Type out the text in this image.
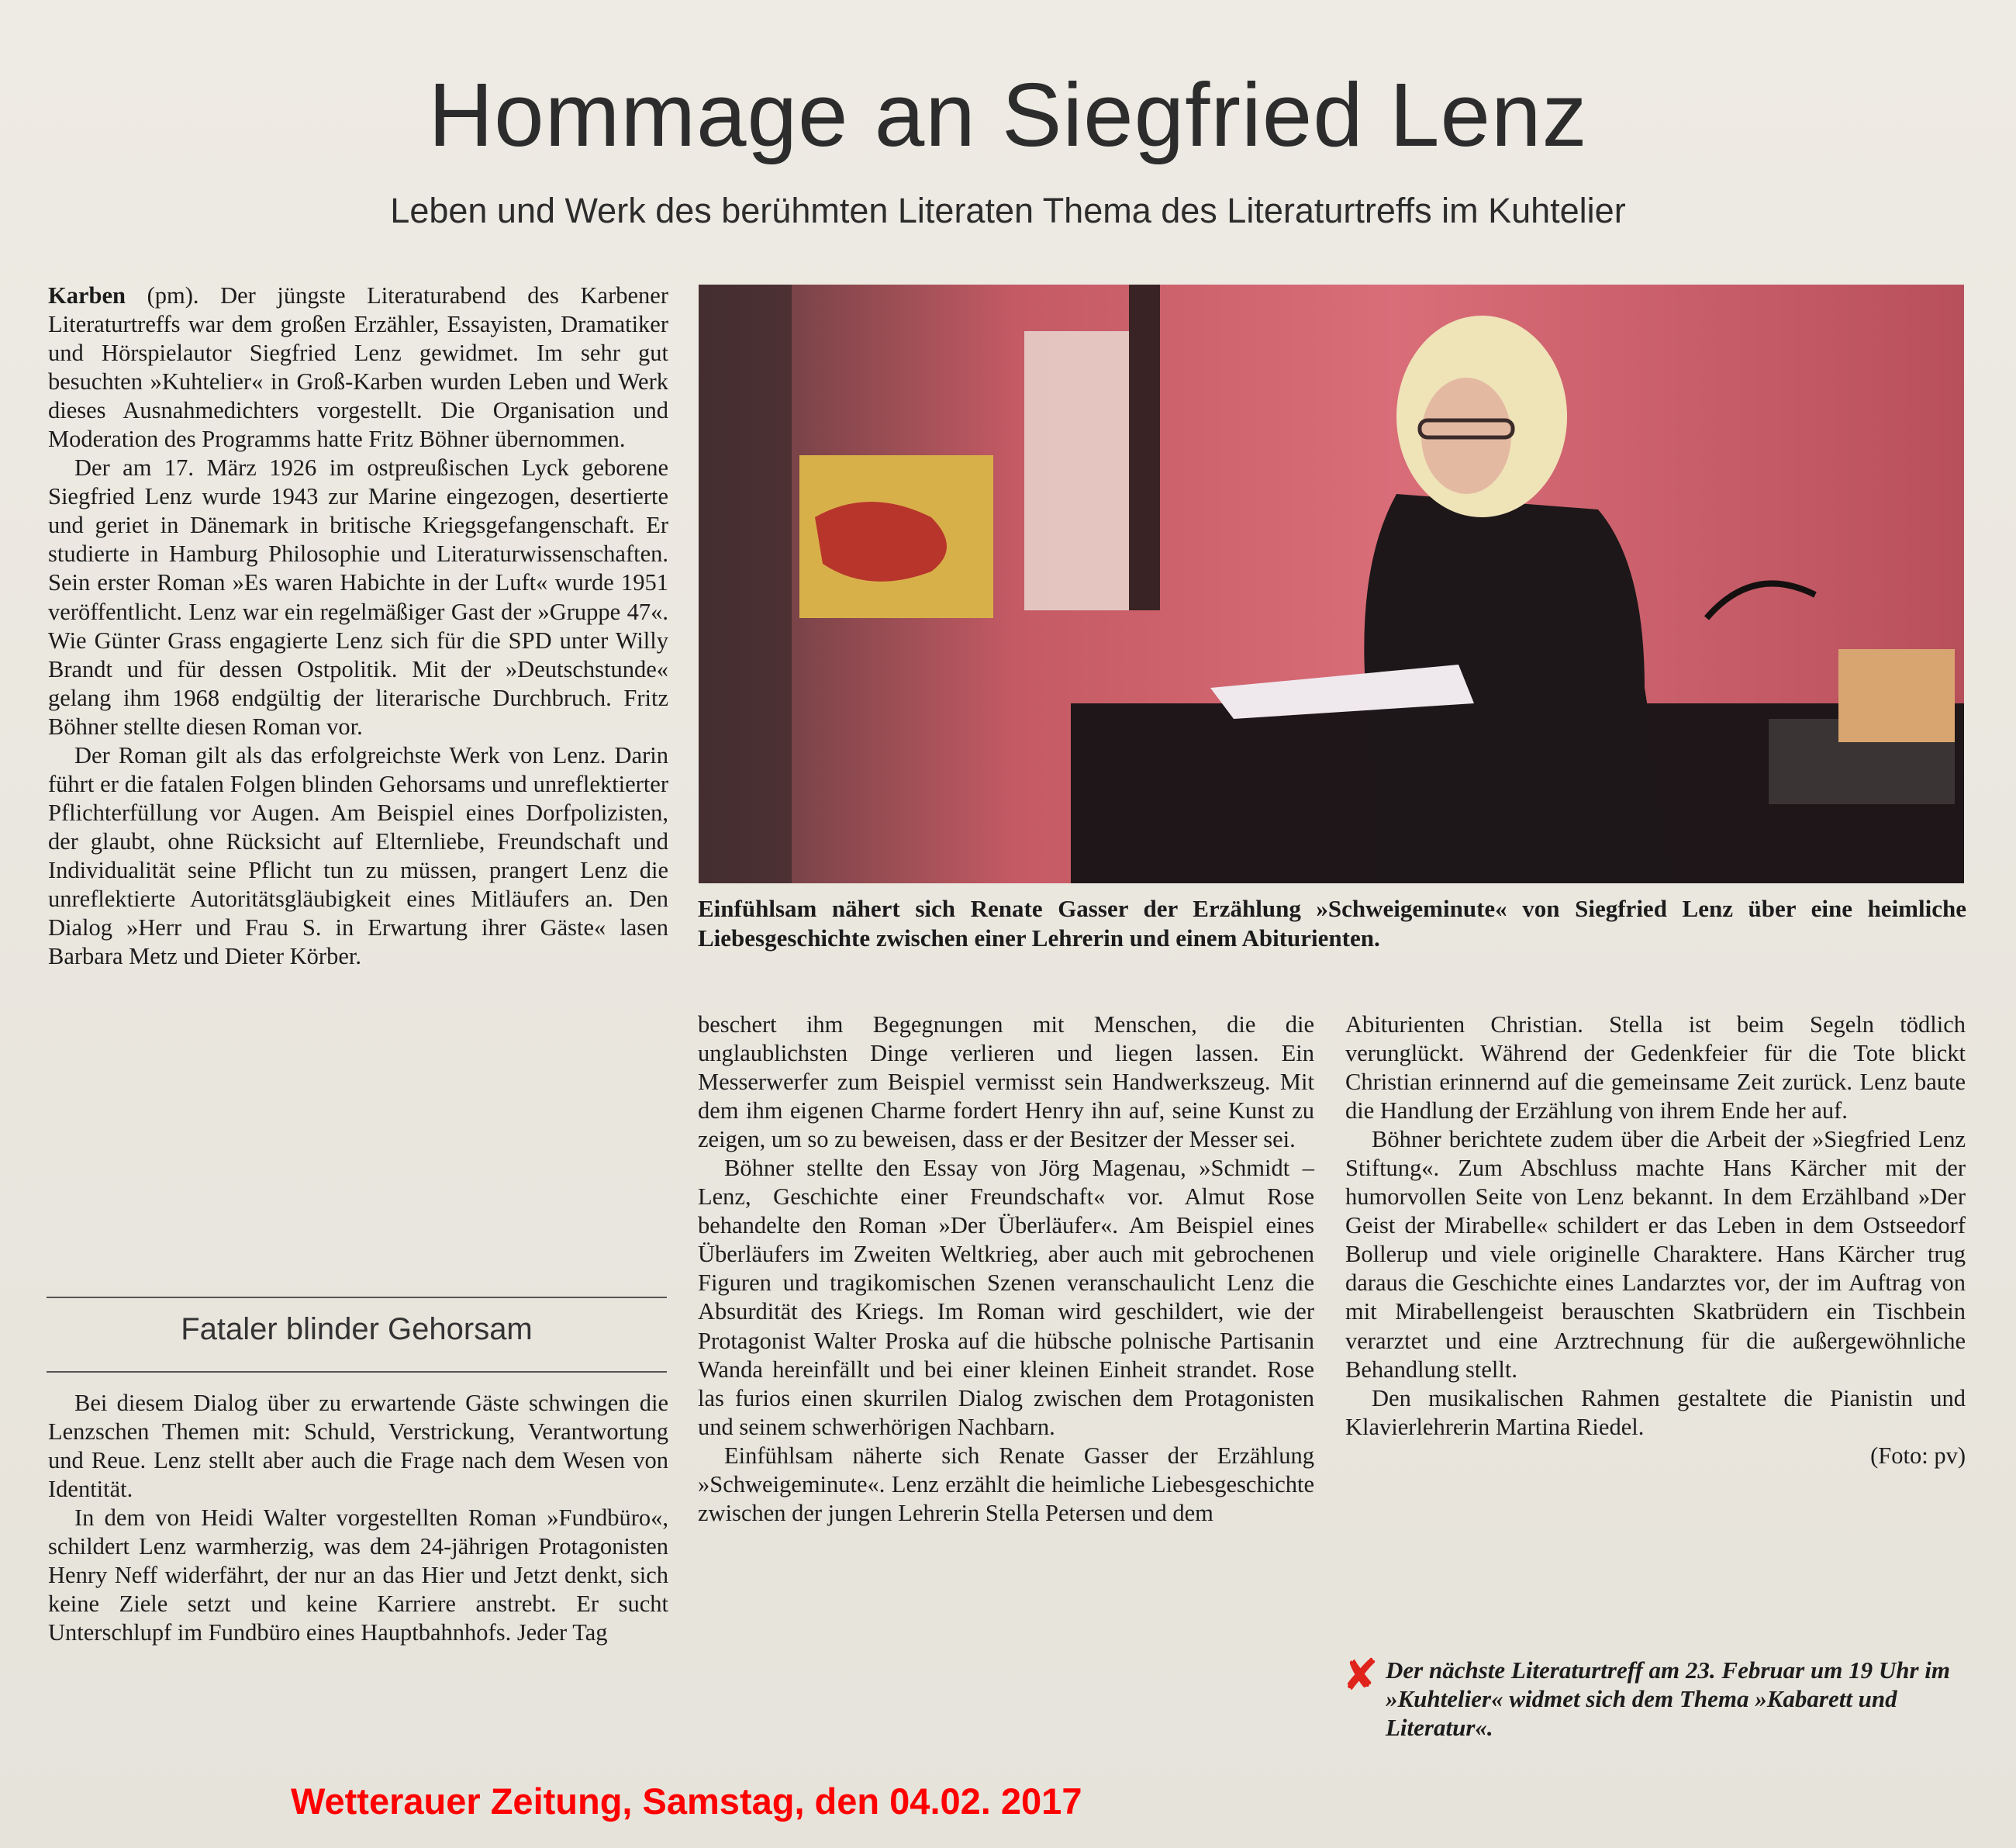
Hommage an Siegfried Lenz
Leben und Werk des berühmten Literaten Thema des Literaturtreffs im Kuhtelier

Karben (pm). Der jüngste Literaturabend des Karbener Literaturtreffs war dem großen Erzähler, Essayisten, Dramatiker und Hörspielautor Siegfried Lenz gewidmet. Im sehr gut besuchten »Kuhtelier« in Groß-Karben wurden Leben und Werk dieses Ausnahmedichters vorgestellt. Die Organisation und Moderation des Programms hatte Fritz Böhner übernommen.

Der am 17. März 1926 im ostpreußischen Lyck geborene Siegfried Lenz wurde 1943 zur Marine eingezogen, desertierte und geriet in Dänemark in britische Kriegsgefangenschaft. Er studierte in Hamburg Philosophie und Literaturwissenschaften. Sein erster Roman »Es waren Habichte in der Luft« wurde 1951 veröffentlicht. Lenz war ein regelmäßiger Gast der »Gruppe 47«. Wie Günter Grass engagierte Lenz sich für die SPD unter Willy Brandt und für dessen Ostpolitik. Mit der »Deutschstunde« gelang ihm 1968 endgültig der literarische Durchbruch. Fritz Böhner stellte diesen Roman vor.

Der Roman gilt als das erfolgreichste Werk von Lenz. Darin führt er die fatalen Folgen blinden Gehorsams und unreflektierter Pflichterfüllung vor Augen. Am Beispiel eines Dorfpolizisten, der glaubt, ohne Rücksicht auf Elternliebe, Freundschaft und Individualität seine Pflicht tun zu müssen, prangert Lenz die unreflektierte Autoritätsgläubigkeit eines Mitläufers an. Den Dialog »Herr und Frau S. in Erwartung ihrer Gäste« lasen Barbara Metz und Dieter Körber.

Fataler blinder Gehorsam

Bei diesem Dialog über zu erwartende Gäste schwingen die Lenzschen Themen mit: Schuld, Verstrickung, Verantwortung und Reue. Lenz stellt aber auch die Frage nach dem Wesen von Identität.

In dem von Heidi Walter vorgestellten Roman »Fundbüro«, schildert Lenz warmherzig, was dem 24-jährigen Protagonisten Henry Neff widerfährt, der nur an das Hier und Jetzt denkt, sich keine Ziele setzt und keine Karriere anstrebt. Er sucht Unterschlupf im Fundbüro eines Hauptbahnhofs. Jeder Tag

Einfühlsam nähert sich Renate Gasser der Erzählung »Schweigeminute« von Siegfried Lenz über eine heimliche Liebesgeschichte zwischen einer Lehrerin und einem Abiturienten.

beschert ihm Begegnungen mit Menschen, die die unglaublichsten Dinge verlieren und liegen lassen. Ein Messerwerfer zum Beispiel vermisst sein Handwerkszeug. Mit dem ihm eigenen Charme fordert Henry ihn auf, seine Kunst zu zeigen, um so zu beweisen, dass er der Besitzer der Messer sei.

Böhner stellte den Essay von Jörg Magenau, »Schmidt – Lenz, Geschichte einer Freundschaft« vor. Almut Rose behandelte den Roman »Der Überläufer«. Am Beispiel eines Überläufers im Zweiten Weltkrieg, aber auch mit gebrochenen Figuren und tragikomischen Szenen veranschaulicht Lenz die Absurdität des Kriegs. Im Roman wird geschildert, wie der Protagonist Walter Proska auf die hübsche polnische Partisanin Wanda hereinfällt und bei einer kleinen Einheit strandet. Rose las furios einen skurrilen Dialog zwischen dem Protagonisten und seinem schwerhörigen Nachbarn.

Einfühlsam näherte sich Renate Gasser der Erzählung »Schweigeminute«. Lenz erzählt die heimliche Liebesgeschichte zwischen der jungen Lehrerin Stella Petersen und dem

Abiturienten Christian. Stella ist beim Segeln tödlich verunglückt. Während der Gedenkfeier für die Tote blickt Christian erinnernd auf die gemeinsame Zeit zurück. Lenz baute die Handlung der Erzählung von ihrem Ende her auf.

Böhner berichtete zudem über die Arbeit der »Siegfried Lenz Stiftung«. Zum Abschluss machte Hans Kärcher mit der humorvollen Seite von Lenz bekannt. In dem Erzählband »Der Geist der Mirabelle« schildert er das Leben in dem Ostseedorf Bollerup und viele originelle Charaktere. Hans Kärcher trug daraus die Geschichte eines Landarztes vor, der im Auftrag von mit Mirabellengeist berauschten Skatbrüdern ein Tischbein verarztet und eine Arztrechnung für die außergewöhnliche Behandlung stellt.

Den musikalischen Rahmen gestaltete die Pianistin und Klavierlehrerin Martina Riedel.

(Foto: pv)

✘ Der nächste Literaturtreff am 23. Februar um 19 Uhr im »Kuhtelier« widmet sich dem Thema »Kabarett und Literatur«.
Wetterauer Zeitung, Samstag, den 04.02. 2017
